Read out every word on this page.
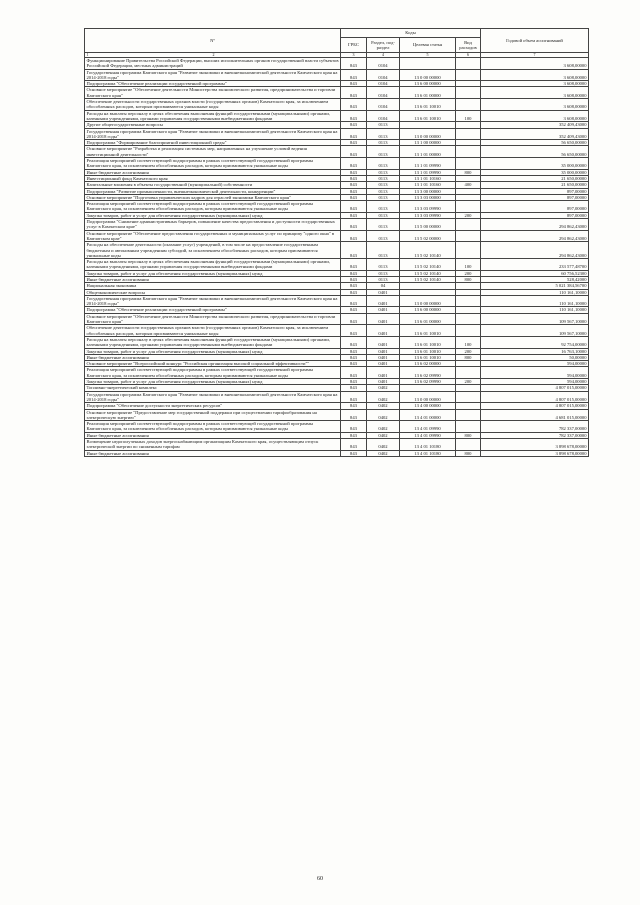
Nº	Коды				Годовой объем ассигнований
	ГРБС	Раздел, под-раздел	Целевая статья	Вид расходов	

1 2	3	4	5	6	7
Функционирование Правительства Российской Федерации, высших исполнительных органов государственной власти субъектов Российской Федерации, местных администраций	843	0104			3 608,00000
Государственная программа Камчатского края "Развитие экономики и внешнеэкономической деятельности Камчатского края на 2014-2018 годы"	843	0104	13 0 00 00000		3 608,00000
Подпрограмма "Обеспечение реализации государственной программы"	843	0104	13 6 00 00000		3 608,00000
Основное мероприятие "Обеспечение деятельности Министерства экономического развития, предпринимательства и торговли Камчатского края"	843	0104	13 6 01 00000		3 608,00000
Обеспечение деятельности государственных органов власти (государственных органов) Камчатского края, за исключением обособленных расходов, которым присваиваются уникальные коды	843	0104	13 6 01 10010		3 608,00000
Расходы на выплаты персоналу в целях обеспечения выполнения функций государственными (муниципальными) органами, казенными учреждениями, органами управления государственными внебюджетными фондами	843	0104	13 6 01 10010	100	3 608,00000
Другие общегосударственные вопросы	843	0113			352 409,43000
Государственная программа Камчатского края "Развитие экономики и внешнеэкономической деятельности Камчатского края на 2014-2018 годы"	843	0113	13 0 00 00000		352 409,43000
Подпрограмма "Формирование благоприятной инвестиционной среды"	843	0113	13 1 00 00000		56 650,00000
Основное мероприятие "Разработка и реализация системных мер, направленных на улучшение условий ведения инвестиционной деятельности"	843	0113	13 1 01 00000		56 650,00000
Реализация мероприятий соответствующей подпрограммы в рамках соответствующей государственной программы Камчатского края, за исключением обособленных расходов, которым присваиваются уникальные коды	843	0113	13 1 01 09990		35 000,00000
Иные бюджетные ассигнования	843	0113	13 1 01 09990	800	35 000,00000
Инвестиционный фонд Камчатского края	843	0113	13 1 01 10160		21 650,00000
Капитальные вложения в объекты государственной (муниципальной) собственности	843	0113	13 1 01 10160	400	21 650,00000
Подпрограмма "Развитие промышленности, внешнеэкономической деятельности, конкуренции"	843	0113	13 3 00 00000		897,00000
Основное мероприятие "Подготовка управленческих кадров для отраслей экономики Камчатского края"	843	0113	13 3 03 00000		897,00000
Реализация мероприятий соответствующей подпрограммы в рамках соответствующей государственной программы Камчатского края, за исключением обособленных расходов, которым присваиваются уникальные коды	843	0113	13 3 03 09990		897,00000
Закупка товаров, работ и услуг для обеспечения государственных (муниципальных) нужд	843	0113	13 3 03 09990	200	897,00000
Подпрограмма "Снижение административных барьеров, повышение качества предоставления и доступности государственных услуг в Камчатском крае"	843	0113	13 5 00 00000		294 862,43000
Основное мероприятие "Обеспечение предоставления государственных и муниципальных услуг по принципу "одного окна" в Камчатском крае"	843	0113	13 5 02 00000		294 862,43000
Расходы на обеспечение деятельности (оказание услуг) учреждений, в том числе на предоставление государственным бюджетным и автономным учреждениям субсидий, за исключением обособленных расходов, которым присваиваются уникальные коды	843	0113	13 5 02 10140		294 862,43000
Расходы на выплаты персоналу в целях обеспечения выполнения функций государственными (муниципальными) органами, казенными учреждениями, органами управления государственными внебюджетными фондами	843	0113	13 5 02 10140	100	233 577,48700
Закупка товаров, работ и услуг для обеспечения государственных (муниципальных) нужд	843	0113	13 5 02 10140	200	60 756,52300
Иные бюджетные ассигнования	843	0113	13 5 02 10140	800	528,42000
Национальная экономика	843	04			5 021 384,56700
Общеэкономические вопросы	843	0401			110 161,10000
Государственная программа Камчатского края "Развитие экономики и внешнеэкономической деятельности Камчатского края на 2014-2018 годы"	843	0401	13 0 00 00000		110 161,10000
Подпрограмма "Обеспечение реализации государственной программы"	843	0401	13 6 00 00000		110 161,10000
Основное мероприятие "Обеспечение деятельности Министерства экономического развития, предпринимательства и торговли Камчатского края"	843	0401	13 6 01 00000		109 567,10000
Обеспечение деятельности государственных органов власти (государственных органов) Камчатского края, за исключением обособленных расходов, которым присваиваются уникальные коды	843	0401	13 6 01 10010		109 567,10000
Расходы на выплаты персоналу в целях обеспечения выполнения функций государственными (муниципальными) органами, казенными учреждениями, органами управления государственными внебюджетными фондами	843	0401	13 6 01 10010	100	92 754,00000
Закупка товаров, работ и услуг для обеспечения государственных (муниципальных) нужд	843	0401	13 6 01 10010	200	16 763,10000
Иные бюджетные ассигнования	843	0401	13 6 01 10010	800	50,00000
Основное мероприятие "Всероссийский конкурс "Российская организация высокой социальной эффективности""	843	0401	13 6 02 00000		594,00000
Реализация мероприятий соответствующей подпрограммы в рамках соответствующей государственной программы Камчатского края, за исключением обособленных расходов, которым присваиваются уникальные коды	843	0401	13 6 02 09990		594,00000
Закупка товаров, работ и услуг для обеспечения государственных (муниципальных) нужд	843	0401	13 6 02 09990	200	594,00000
Топливно-энергетический комплекс	843	0402			4 807 015,00000
Государственная программа Камчатского края "Развитие экономики и внешнеэкономической деятельности Камчатского края на 2014-2018 годы"	843	0402	13 0 00 00000		4 807 015,00000
Подпрограмма "Обеспечение доступности энергетических ресурсов"	843	0402	13 4 00 00000		4 807 015,00000
Основное мероприятие "Предоставление мер государственной поддержки при осуществлении тарифообразования на электрическую энергию"	843	0402	13 4 01 00000		4 681 015,00000
Реализация мероприятий соответствующей подпрограммы в рамках соответствующей государственной программы Камчатского края, за исключением обособленных расходов, которым присваиваются уникальные коды	843	0402	13 4 01 09990		782 337,00000
Иные бюджетные ассигнования	843	0402	13 4 01 09990	800	782 337,00000
Возмещение недополученных доходов энергоснабжающим организациям Камчатского края, осуществляющим отпуск электрической энергии по сниженным тарифам	843	0402	13 4 01 10180		3 898 678,00000
Иные бюджетные ассигнования	843	0402	13 4 01 10180	800	3 898 678,00000
60
